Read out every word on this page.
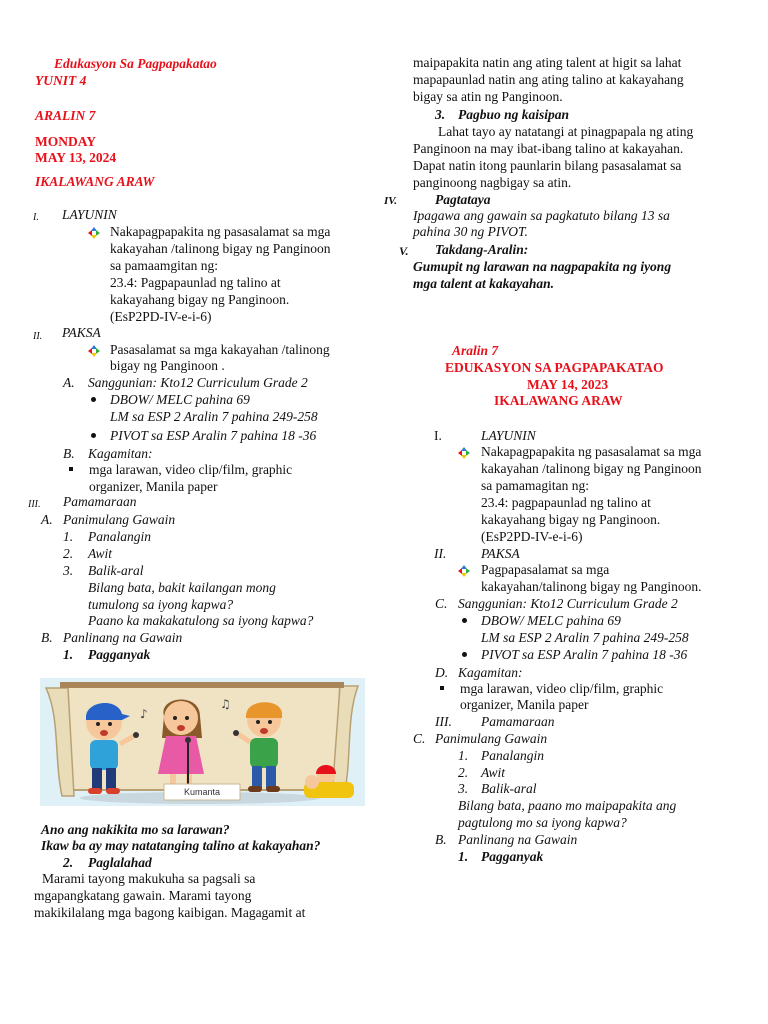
Edukasyon Sa Pagpapakatao
YUNIT 4
ARALIN 7
MONDAY
MAY 13, 2024
IKALAWANG ARAW
I. LAYUNIN
Nakapagpapakita ng pasasalamat sa mga
kakayahan /talinong bigay ng Panginoon
sa pamaamgitan ng:
23.4: Pagpapaunlad ng talino at
kakayahang bigay ng Panginoon.
(EsP2PD-IV-e-i-6)
II. PAKSA
Pasasalamat sa mga kakayahan /talinong
bigay ng Panginoon .
A. Sanggunian: Kto12 Curriculum Grade 2
DBOW/ MELC pahina 69
LM sa ESP 2 Aralin 7 pahina 249-258
PIVOT sa ESP Aralin 7 pahina 18 -36
B. Kagamitan:
mga larawan, video clip/film, graphic
organizer, Manila paper
III. Pamamaraan
A. Panimulang Gawain
1. Panalangin
2. Awit
3. Balik-aral
Bilang bata, bakit kailangan mong
tumulong sa iyong kapwa?
Paano ka makakatulong sa iyong kapwa?
B. Panlinang na Gawain
1. Pagganyak
♪
♫
Kumanta
Ano ang nakikita mo sa larawan?
Ikaw ba ay may natatanging talino at kakayahan?
2. Paglalahad
Marami tayong makukuha sa pagsali sa
mgapangkatang gawain. Marami tayong
makikilalang mga bagong kaibigan. Magagamit at
maipapakita natin ang ating talent at higit sa lahat
mapapaunlad natin ang ating talino at kakayahang
bigay sa atin ng Panginoon.
3. Pagbuo ng kaisipan
Lahat tayo ay natatangi at pinagpapala ng ating
Panginoon na may ibat-ibang talino at kakayahan.
Dapat natin itong paunlarin bilang pasasalamat sa
panginoong nagbigay sa atin.
IV.	Pagtataya
Ipagawa ang gawain sa pagkatuto bilang 13 sa
pahina 30 ng PIVOT.
V. Takdang-Aralin:
Gumupit ng larawan na nagpapakita ng iyong
mga talent at kakayahan.
Aralin 7
EDUKASYON SA PAGPAPAKATAO
MAY 14, 2023
IKALAWANG ARAW
I.	LAYUNIN
Nakapagpapakita ng pasasalamat sa mga
kakayahan /talinong bigay ng Panginoon
sa pamamagitan ng:
23.4: pagpapaunlad ng talino at
kakayahang bigay ng Panginoon.
(EsP2PD-IV-e-i-6)
II.	PAKSA
Pagpapasalamat sa mga
kakayahan/talinong bigay ng Panginoon.
C. Sanggunian: Kto12 Curriculum Grade 2
DBOW/ MELC pahina 69
LM sa ESP 2 Aralin 7 pahina 249-258
PIVOT sa ESP Aralin 7 pahina 18 -36
D. Kagamitan:
mga larawan, video clip/film, graphic
organizer, Manila paper
III. Pamamaraan
C. Panimulang Gawain
1. Panalangin
2. Awit
3. Balik-aral
Bilang bata, paano mo maipapakita ang
pagtulong mo sa iyong kapwa?
B. Panlinang na Gawain
1. Pagganyak
